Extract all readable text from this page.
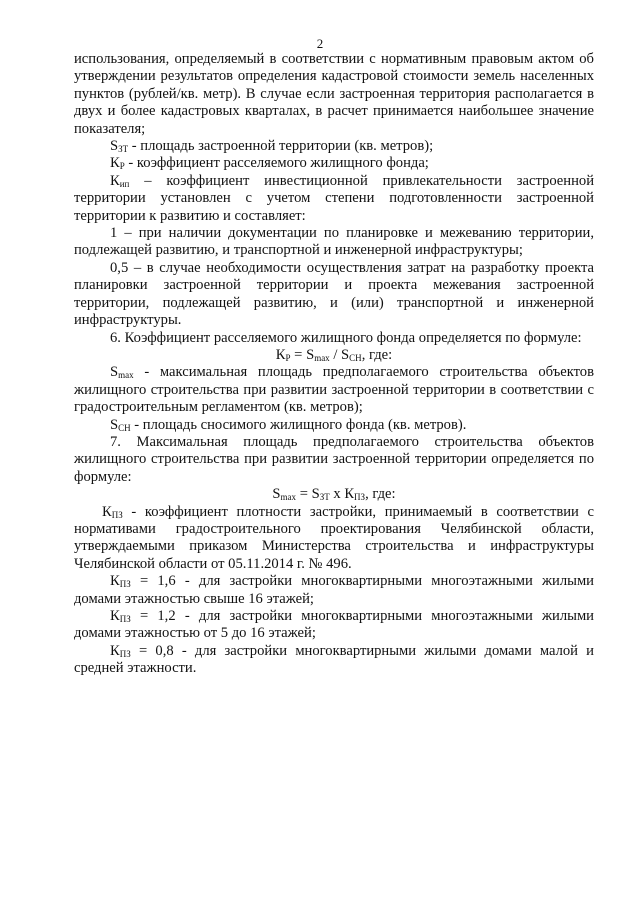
2

использования, определяемый в соответствии с нормативным правовым актом об утверждении результатов определения кадастровой стоимости земель населенных пунктов (рублей/кв. метр). В случае если застроенная территория располагается в двух и более кадастровых кварталах, в расчет принимается наибольшее значение показателя;

$S_{ЗТ}$ - площадь застроенной территории (кв. метров);

$К_Р$ - коэффициент расселяемого жилищного фонда;

$К_{ип}$ – коэффициент инвестиционной привлекательности застроенной территории установлен с учетом степени подготовленности застроенной территории к развитию и составляет:

1 – при наличии документации по планировке и межеванию территории, подлежащей развитию, и транспортной и инженерной инфраструктуры;

0,5 – в случае необходимости осуществления затрат на разработку проекта планировки застроенной территории и проекта межевания застроенной территории, подлежащей развитию, и (или) транспортной и инженерной инфраструктуры.

6. Коэффициент расселяемого жилищного фонда определяется по формуле:

$К_Р = S_{max} / S_{СН}$, где:

$S_{max}$ - максимальная площадь предполагаемого строительства объектов жилищного строительства при развитии застроенной территории в соответствии с градостроительным регламентом (кв. метров);

$S_{СН}$ - площадь сносимого жилищного фонда (кв. метров).

7. Максимальная площадь предполагаемого строительства объектов жилищного строительства при развитии застроенной территории определяется по формуле:

$S_{max} = S_{ЗТ}$ х $К_{ПЗ}$, где:

$К_{ПЗ}$ - коэффициент плотности застройки, принимаемый в соответствии с нормативами градостроительного проектирования Челябинской области, утверждаемыми приказом Министерства строительства и инфраструктуры Челябинской области от 05.11.2014 г. № 496.

$К_{ПЗ} = 1,6$ - для застройки многоквартирными многоэтажными жилыми домами этажностью свыше 16 этажей;

$К_{ПЗ} = 1,2$ - для застройки многоквартирными многоэтажными жилыми домами этажностью от 5 до 16 этажей;

$К_{ПЗ} = 0,8$ - для застройки многоквартирными жилыми домами малой и средней этажности.
